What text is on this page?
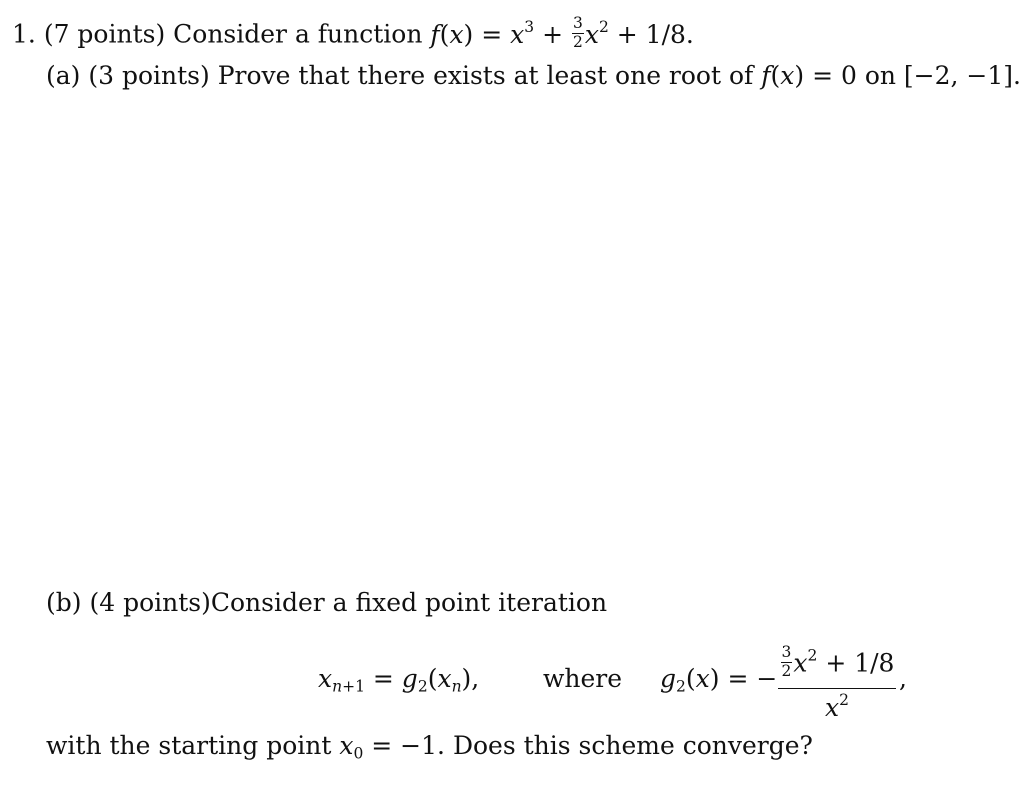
1. (7 points) Consider a function $f(x) = x^3 + \frac{3}{2} x^2 + 1/8$.
(a) (3 points) Prove that there exists at least one root of f(x) = 0 on [−2, −1].
(b) (4 points)Consider a fixed point iteration
$x_{n+1} = g_2(x_n)$,	where $g_2(x)$ = − $\frac{3}{2} x^2 + 1/8$
$x^2$
,
with the starting point $x_0 = -1$. Does this scheme converge?
